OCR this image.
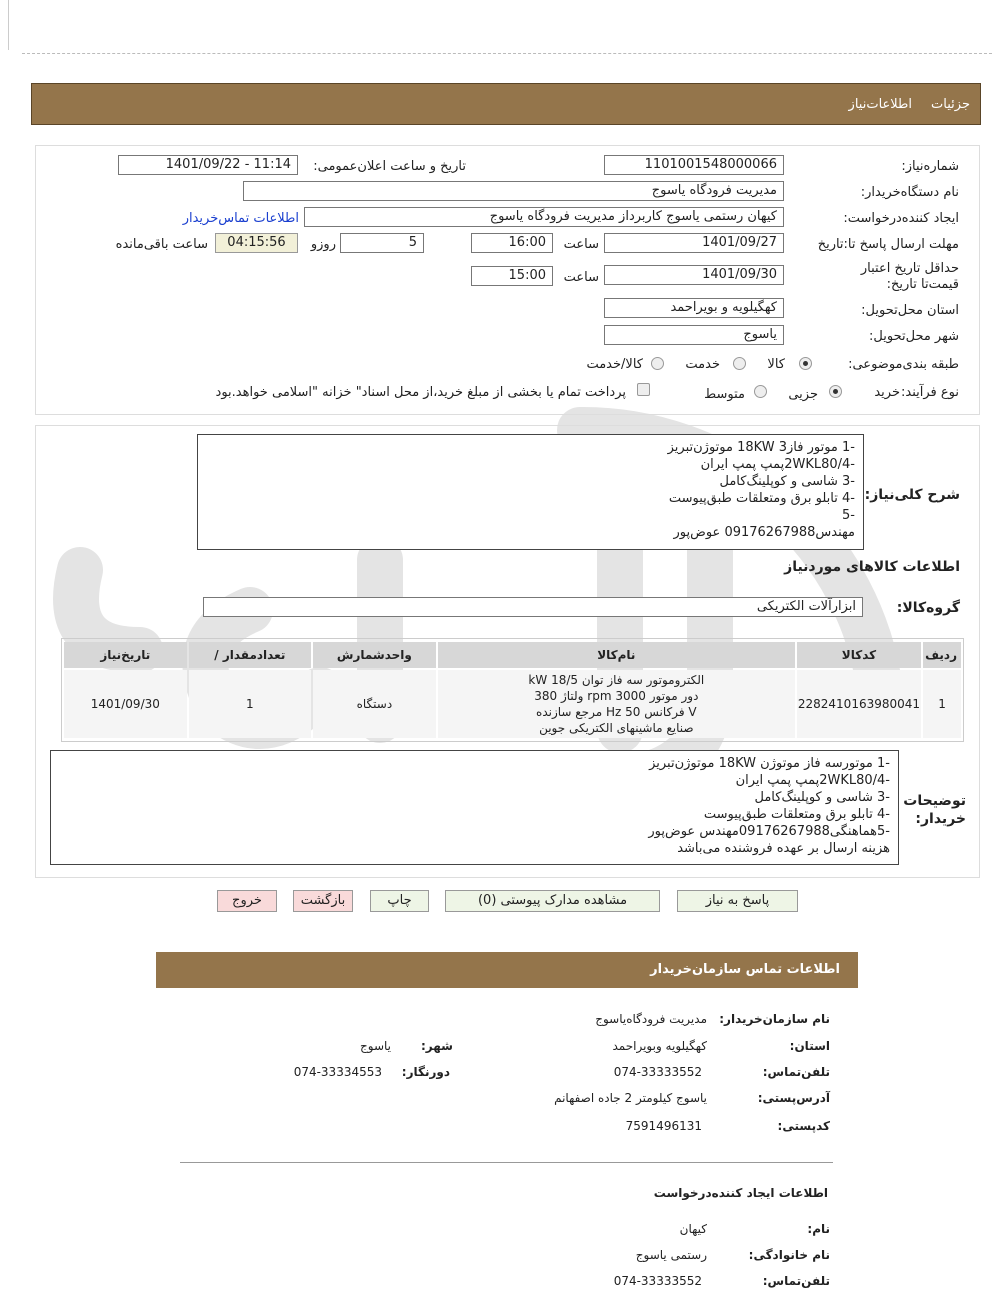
جزئیات
اطلاعات‌نیاز
شماره‌نیاز:
1101001548000066
تاریخ و ساعت اعلان‌عمومی:
1401/09/22 - 11:14
نام دستگاه‌خریدار:
مدیریت فرودگاه یاسوج
ایجاد کننده‌درخواست:
کیهان رستمی یاسوج کاربرداز مدیریت فرودگاه یاسوج
اطلاعات تماس‌خریدار
مهلت ارسال پاسخ تا:تاریخ
1401/09/27
ساعت
16:00
5
روزو
04:15:56
ساعت باقی‌مانده
حداقل تاریخ اعتبار قیمت‌تا تاریخ:
1401/09/30
ساعت
15:00
استان محل‌تحویل:
کهگیلویه و بویراحمد
شهر محل‌تحویل:
یاسوج
طبقه بندی‌موضوعی:
کالا
خدمت
کالا/خدمت
نوع فرآیند:
خرید
جزیی
متوسط
پرداخت تمام یا بخشی از مبلغ خرید،از محل اسناد" خزانه "اسلامی خواهد.بود
شرح کلی‌نیاز:
-1 موتور فاز3 18KW موتوژن‌تبریز
-2WKL80/4پمپ پمپ ایران
-3 شاسی و کوپلینگ‌کامل
-4 تابلو برق و‌متعلقات طبق‌پیوست
-5
مهندس09176267988 عوض‌پور
اطلاعات کالاهای موردنیاز
گروه‌کالا:
ابزارآلات الکتریکی
ردیف	کدکالا	نام‌کالا	واحدشمارش	تعدادمقدار /	تاریخ‌نیاز
1	2282410163980041	الکتروموتور سه فاز توان 18/5 kW
دور موتور 3000 rpm ولتاژ 380
V فرکانس 50 Hz مرجع سازنده
صنایع ماشینهای الکتریکی جوین	دستگاه	1	1401/09/30
توضیحات خریدار:
-1 موتورسه فاز موتوژن 18KW موتوژن‌تبریز
-2WKL80/4پمپ پمپ ایران
-3 شاسی و کوپلینگ‌کامل
-4 تابلو برق و‌متعلقات طبق‌پیوست
-5هماهنگی09176267988مهندس عوض‌پور
هزینه ارسال بر عهده فروشنده می‌باشد
پاسخ به نیاز
مشاهده مدارک پیوستی (0)
چاپ
بازگشت
خروج
اطلاعات تماس سازمان‌خریدار
نام سازمان‌خریدار:
مدیریت فرودگاه‌یاسوج
استان:
کهگیلویه وبویراحمد
شهر:
یاسوج
تلفن‌تماس:
074-33333552
دورنگار:
074-33334553
آدرس‌پستی:
یاسوج کیلومتر 2 جاده اصفهانم
کدپستی:
7591496131
اطلاعات ایجاد کننده‌درخواست
نام:
کیهان
نام خانوادگی:
رستمی یاسوج
تلفن‌تماس:
074-33333552
